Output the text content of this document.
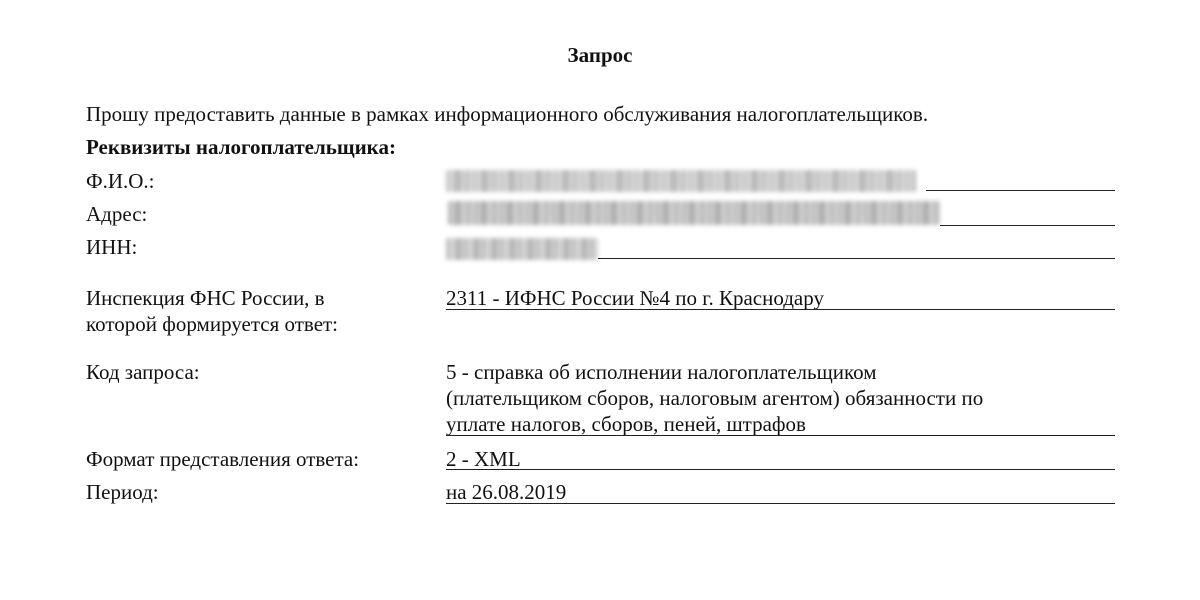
Запрос
Прошу предоставить данные в рамках информационного обслуживания налогоплательщиков.
Реквизиты налогоплательщика:
Ф.И.О.:
Адрес:
ИНН:
Инспекция ФНС России, в
которой формируется ответ:
2311 - ИФНС России №4 по г. Краснодару
Код запроса:	5 - справка об исполнении налогоплательщиком
(плательщиком сборов, налоговым агентом) обязанности по
уплате налогов, сборов, пеней, штрафов
Формат представления ответа:	2 - XML
Период:	на 26.08.2019
